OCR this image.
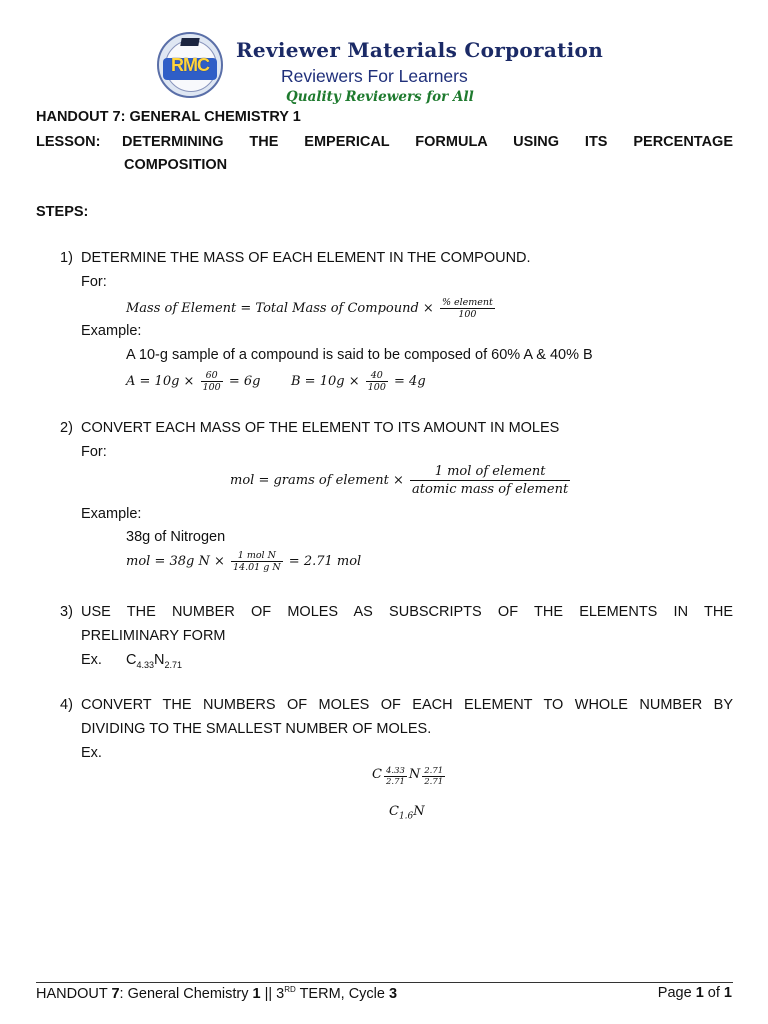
RMC
Reviewer Materials Corporation
Reviewers For Learners
Quality Reviewers for All
HANDOUT 7: GENERAL CHEMISTRY 1
LESSON: DETERMINING THE EMPERICAL FORMULA USING ITS PERCENTAGE
COMPOSITION
STEPS:
1) DETERMINE THE MASS OF EACH ELEMENT IN THE COMPOUND.
For:
Mass of Element = Total Mass of Compound × $\frac{\text{\% element}}{100}$
Example:
A 10-g sample of a compound is said to be composed of 60% A & 40% B
$A = 10g \times \frac{60}{100} = 6g$ $B = 10g \times \frac{40}{100} = 4g$
2) CONVERT EACH MASS OF THE ELEMENT TO ITS AMOUNT IN MOLES
For:
mol = grams of element × $\frac{\text{1 mol of element}}{\text{atomic mass of element}}$
Example:
38g of Nitrogen
mol = 38g $N \times \frac{\text{1 mol N}}{\text{14.01 g N}} = 2.71$ mol
3) USE THE NUMBER OF MOLES AS SUBSCRIPTS OF THE ELEMENTS IN THE
PRELIMINARY FORM
Ex. $C_{4.33}N_{2.71}$
4) CONVERT THE NUMBERS OF MOLES OF EACH ELEMENT TO WHOLE NUMBER BY
DIVIDING TO THE SMALLEST NUMBER OF MOLES.
Ex.
C $\frac{4.33}{2.71}$ N $\frac{2.71}{2.71}$
$C_{1.6}N$
HANDOUT 7: General Chemistry 1 || 3RD TERM, Cycle 3	Page 1 of 1
